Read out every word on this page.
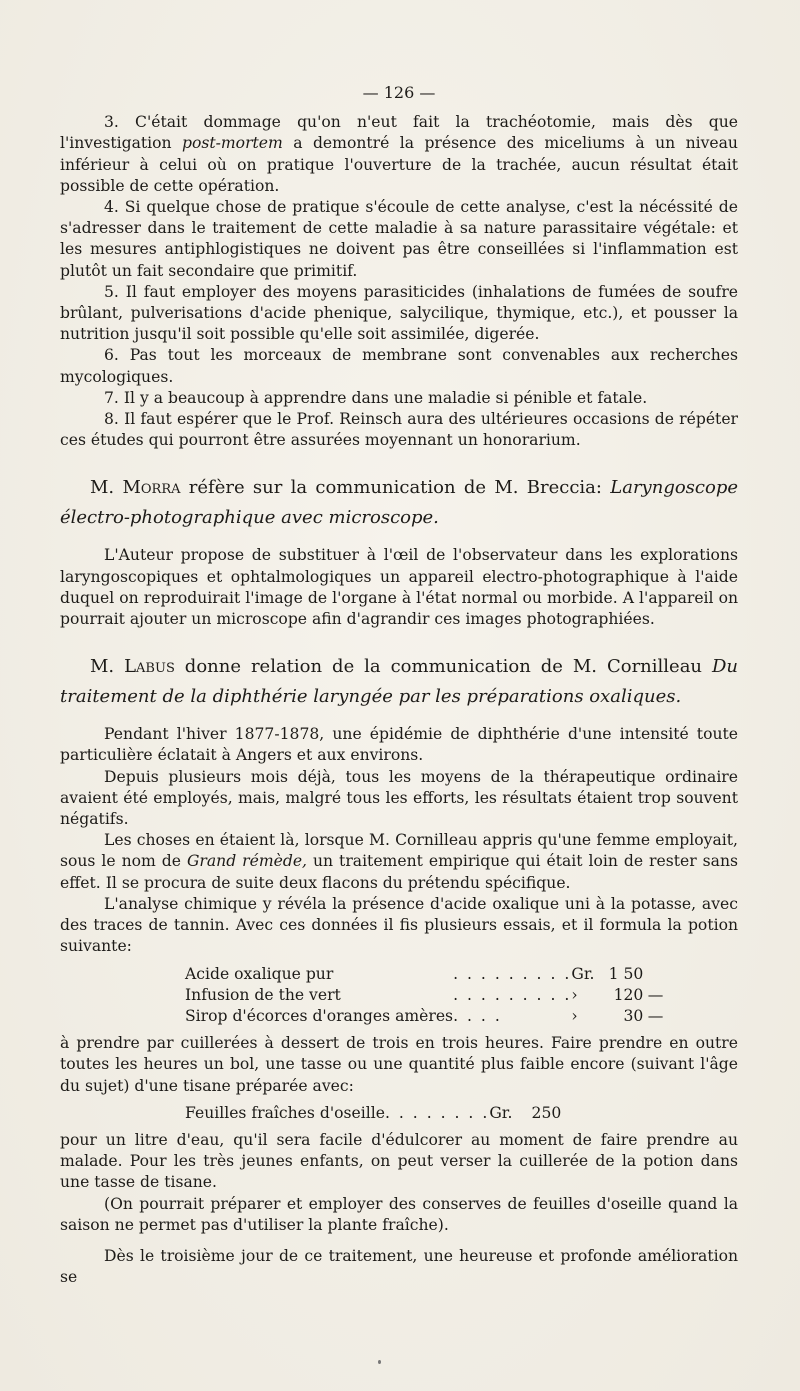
— 126 —

3. C'était dommage qu'on n'eut fait la trachéotomie, mais dès que l'investigation post-mortem a demontré la présence des miceliums à un niveau inférieur à celui où on pratique l'ouverture de la trachée, aucun résultat était possible de cette opération.

4. Si quelque chose de pratique s'écoule de cette analyse, c'est la nécéssité de s'adresser dans le traitement de cette maladie à sa nature parassitaire végétale: et les mesures antiphlogistiques ne doivent pas être conseillées si l'inflammation est plutôt un fait secondaire que primitif.

5. Il faut employer des moyens parasiticides (inhalations de fumées de soufre brûlant, pulverisations d'acide phenique, salycilique, thymique, etc.), et pousser la nutrition jusqu'il soit possible qu'elle soit assimilée, digerée.

6. Pas tout les morceaux de membrane sont convenables aux recherches mycologiques.

7. Il y a beaucoup à apprendre dans une maladie si pénible et fatale.

8. Il faut espérer que le Prof. Reinsch aura des ultérieures occasions de répéter ces études qui pourront être assurées moyennant un honorarium.

M. Morra réfère sur la communication de M. Breccia: Laryngoscope électro-photographique avec microscope.

L'Auteur propose de substituer à l'œil de l'observateur dans les explorations laryngoscopiques et ophtalmologiques un appareil electro-photographique à l'aide duquel on reproduirait l'image de l'organe à l'état normal ou morbide. A l'appareil on pourrait ajouter un microscope afin d'agrandir ces images photographiées.

M. Labus donne relation de la communication de M. Cornilleau Du traitement de la diphthérie laryngée par les préparations oxaliques.

Pendant l'hiver 1877-1878, une épidémie de diphthérie d'une intensité toute particulière éclatait à Angers et aux environs.

Depuis plusieurs mois déjà, tous les moyens de la thérapeutique ordinaire avaient été employés, mais, malgré tous les efforts, les résultats étaient trop souvent négatifs.

Les choses en étaient là, lorsque M. Cornilleau appris qu'une femme employait, sous le nom de Grand rémède, un traitement empirique qui était loin de rester sans effet. Il se procura de suite deux flacons du prétendu spécifique.

L'analyse chimique y révéla la présence d'acide oxalique uni à la potasse, avec des traces de tannin. Avec ces données il fis plusieurs essais, et il formula la potion suivante:

Acide oxalique pur	. . . . . . . . .	Gr.	1 50	
Infusion de the vert	. . . . . . . . .	›	120	—
Sirop d'écorces d'oranges amères	. . . .	›	30	—

à prendre par cuillerées à dessert de trois en trois heures. Faire prendre en outre toutes les heures un bol, une tasse ou une quantité plus faible encore (suivant l'âge du sujet) d'une tisane préparée avec:

Feuilles fraîches d'oseille	. . . . . . . .	Gr.	250	

pour un litre d'eau, qu'il sera facile d'édulcorer au moment de faire prendre au malade. Pour les très jeunes enfants, on peut verser la cuillerée de la potion dans une tasse de tisane.

(On pourrait préparer et employer des conserves de feuilles d'oseille quand la saison ne permet pas d'utiliser la plante fraîche).

Dès le troisième jour de ce traitement, une heureuse et profonde amélioration se
